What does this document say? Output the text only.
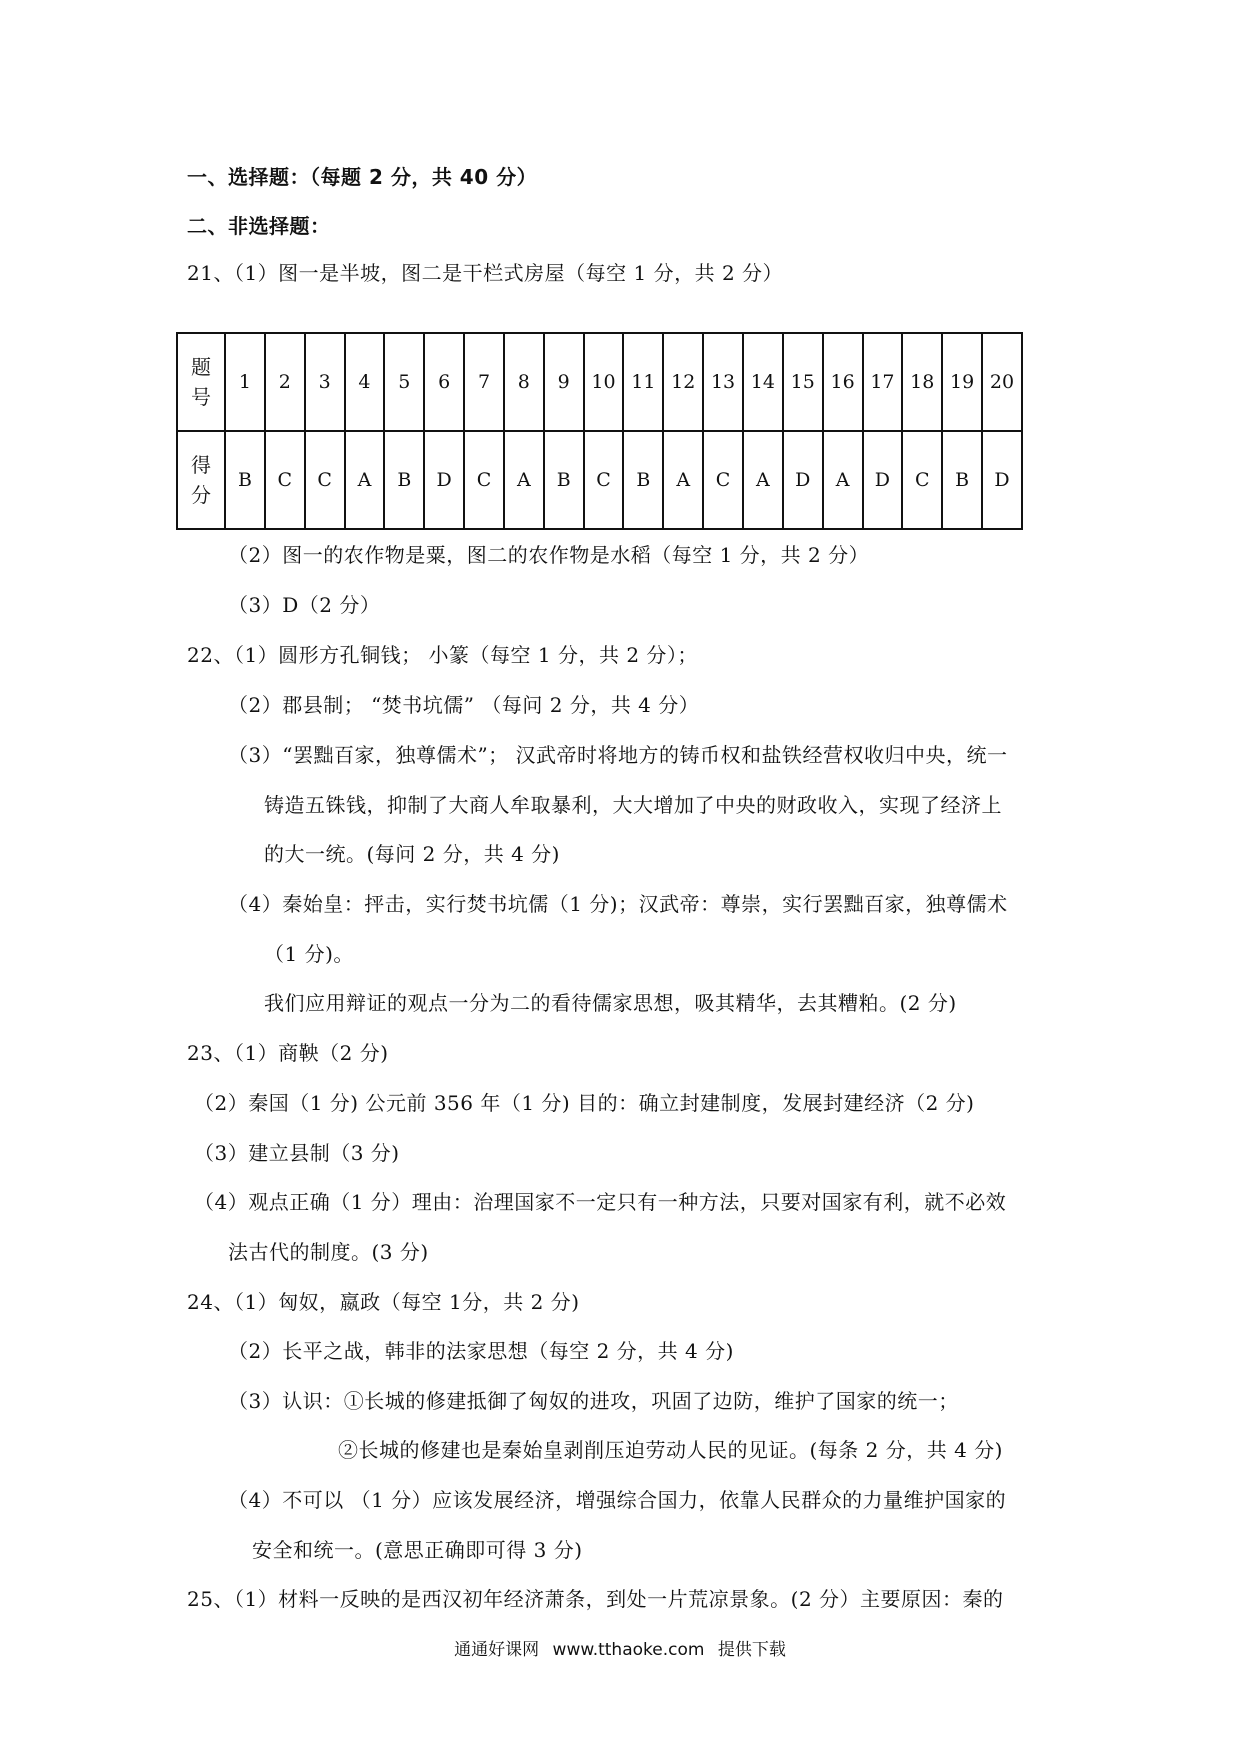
一、选择题：（每题 2 分，共 40 分）
二、非选择题：
21、（1）图一是半坡，图二是干栏式房屋（每空 1 分，共 2 分）
题
号	1	2	3	4	5	6	7	8	9	10	11	12	13	14	15	16	17	18	19	20

得
分	B	C	C	A	B	D	C	A	B	C	B	A	C	A	D	A	D	C	B	D
（2）图一的农作物是粟，图二的农作物是水稻（每空 1 分，共 2 分）
（3）D（2 分）
22、（1）圆形方孔铜钱； 小篆（每空 1 分，共 2 分）；
（2）郡县制； “焚书坑儒” （每问 2 分，共 4 分）
（3）“罢黜百家，独尊儒术”； 汉武帝时将地方的铸币权和盐铁经营权收归中央，统一
铸造五铢钱，抑制了大商人牟取暴利，大大增加了中央的财政收入，实现了经济上
的大一统。(每问 2 分，共 4 分)
（4）秦始皇：抨击，实行焚书坑儒（1 分)；汉武帝：尊崇，实行罢黜百家，独尊儒术
（1 分)。
我们应用辩证的观点一分为二的看待儒家思想，吸其精华，去其糟粕。(2 分)
23、（1）商鞅（2 分)
（2）秦国（1 分) 公元前 356 年（1 分) 目的：确立封建制度，发展封建经济（2 分)
（3）建立县制（3 分)
（4）观点正确（1 分）理由：治理国家不一定只有一种方法，只要对国家有利，就不必效
法古代的制度。(3 分)
24、（1）匈奴，嬴政（每空 1分，共 2 分)
（2）长平之战，韩非的法家思想（每空 2 分，共 4 分)
（3）认识：①长城的修建抵御了匈奴的进攻，巩固了边防，维护了国家的统一；
②长城的修建也是秦始皇剥削压迫劳动人民的见证。(每条 2 分，共 4 分)
（4）不可以 （1 分）应该发展经济，增强综合国力，依靠人民群众的力量维护国家的
安全和统一。(意思正确即可得 3 分)
25、（1）材料一反映的是西汉初年经济萧条，到处一片荒凉景象。(2 分）主要原因：秦的
通通好课网 www.tthaoke.com 提供下载
